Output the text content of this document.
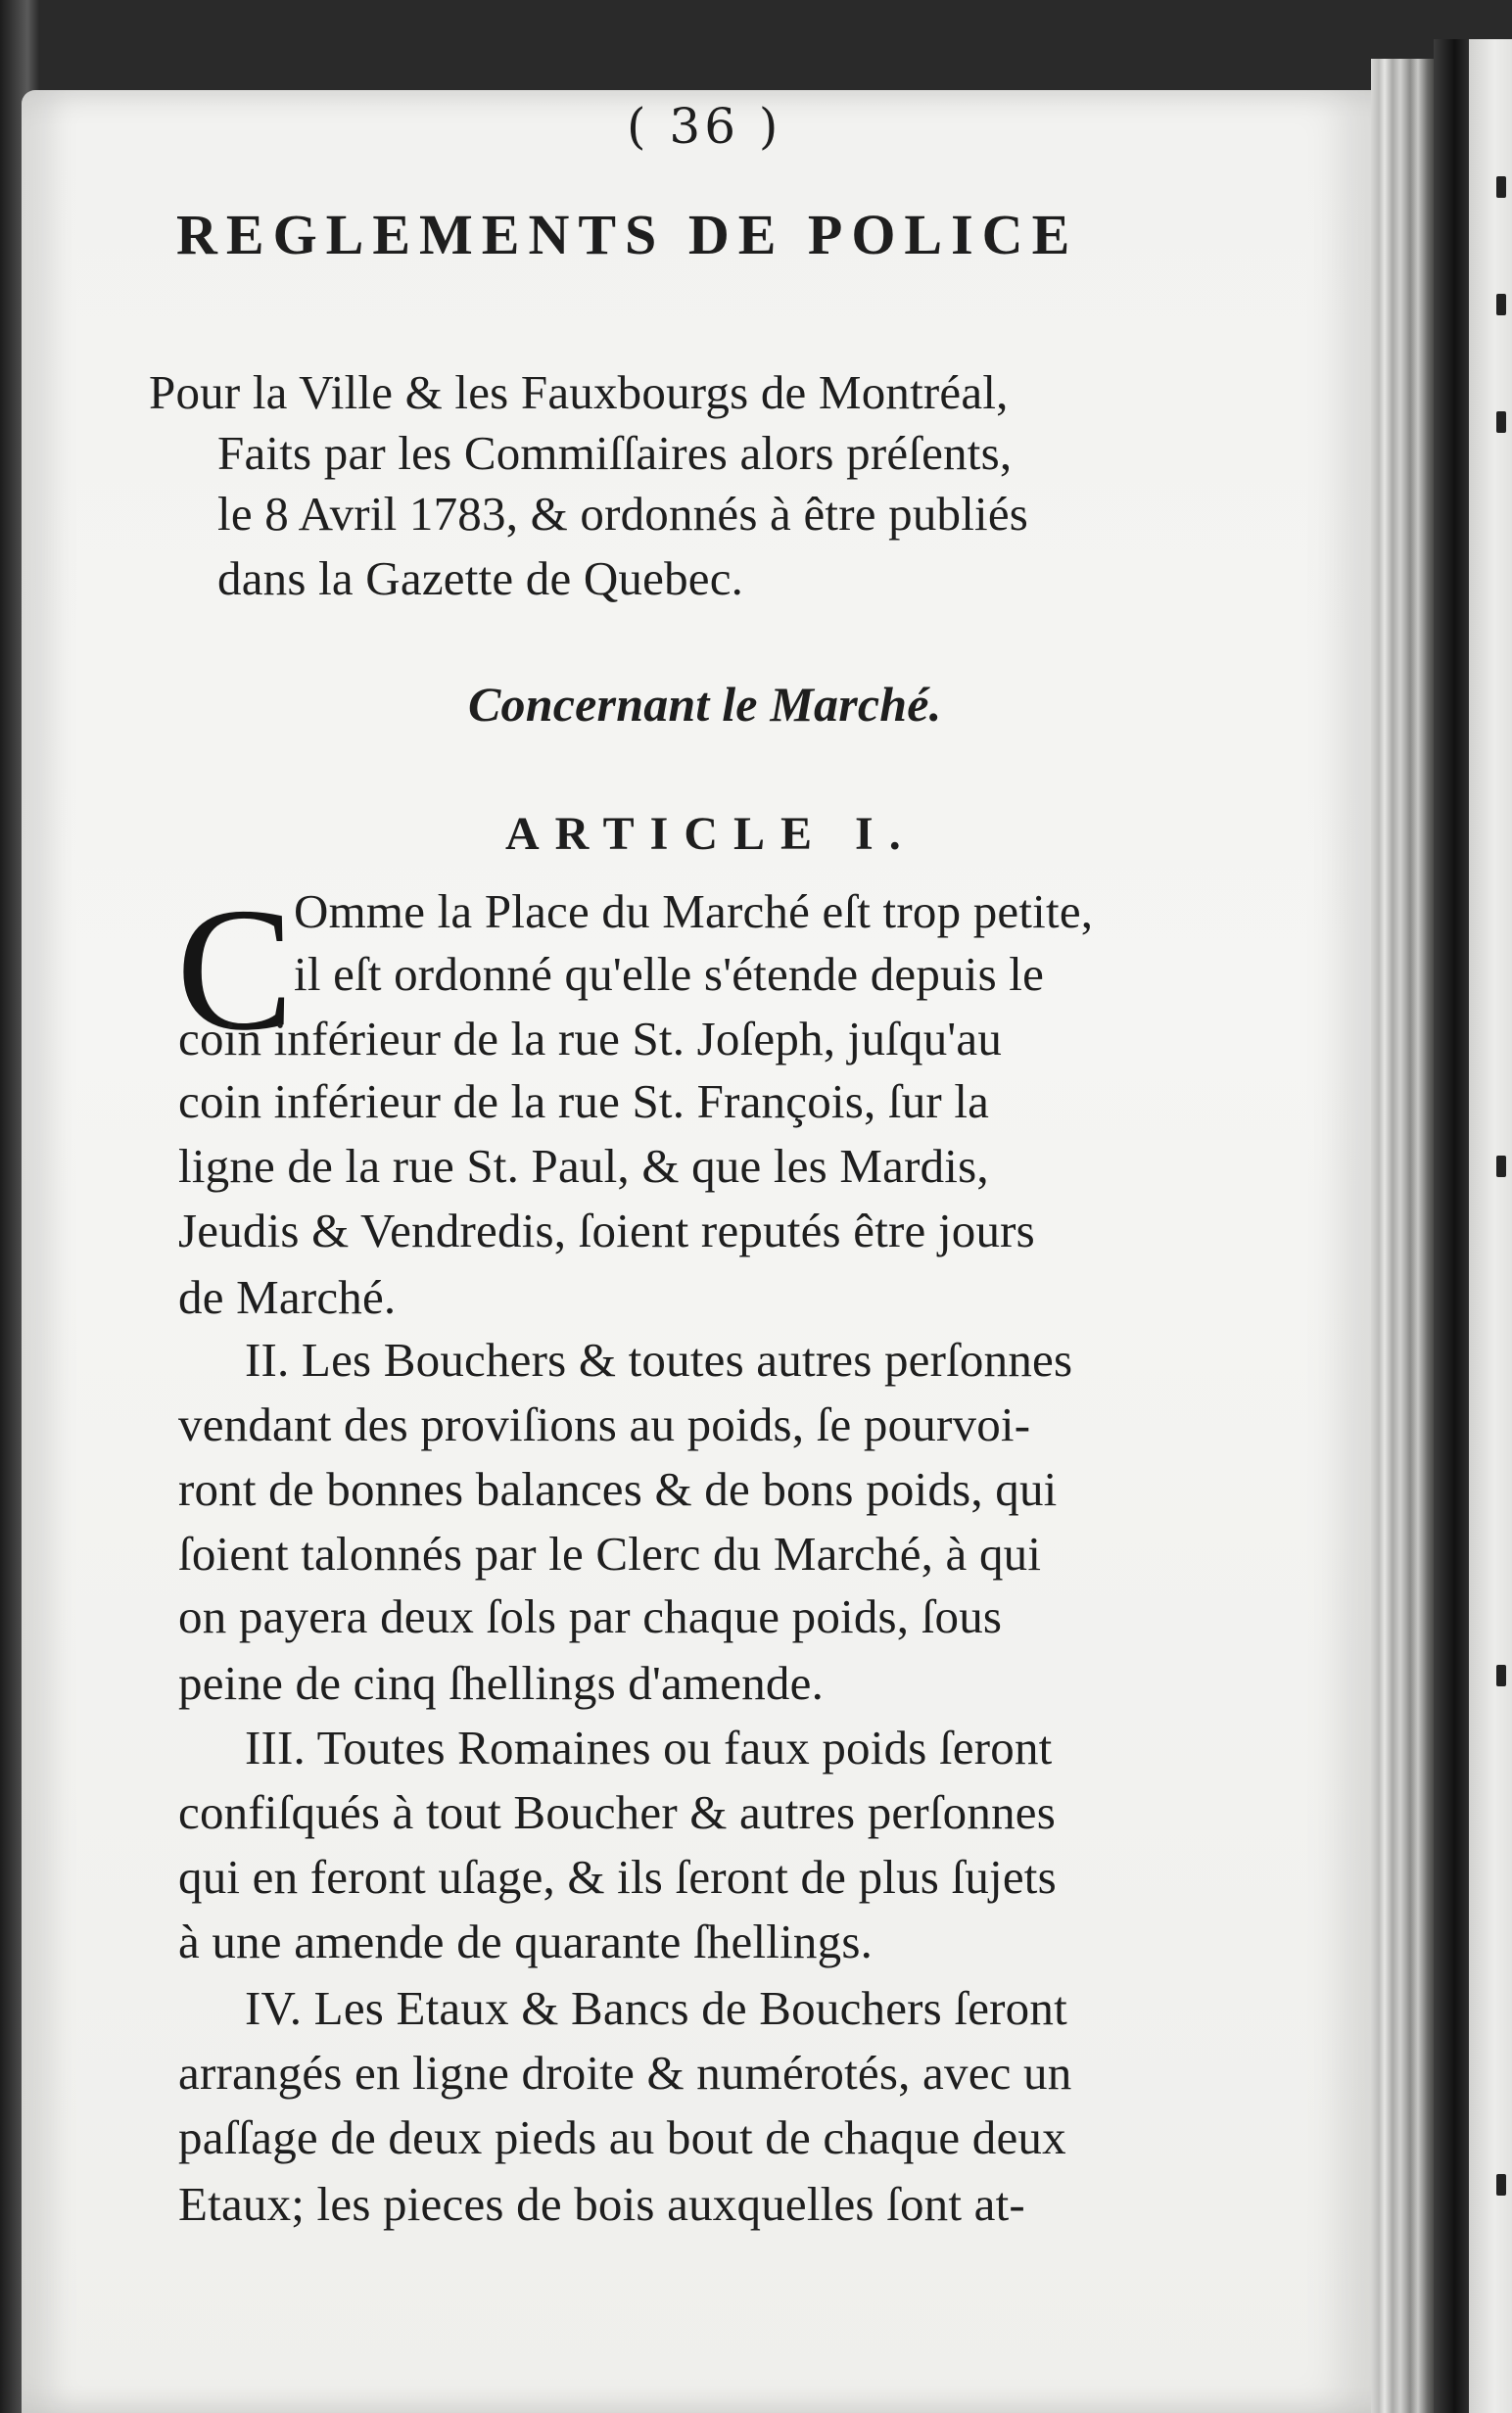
( 36 )

REGLEMENTS DE POLICE

Pour la Ville & les Fauxbourgs de Montréal,

Faits par les Commiſſaires alors préſents,

le 8 Avril 1783, & ordonnés à être publiés

dans la Gazette de Quebec.

Concernant le Marché.
ARTICLE I.
C Omme la Place du Marché eſt trop petite,

il eſt ordonné qu'elle s'étende depuis le

coin inférieur de la rue St. Joſeph, juſqu'au

coin inférieur de la rue St. François, ſur la

ligne de la rue St. Paul, & que les Mardis,

Jeudis & Vendredis, ſoient reputés être jours

de Marché.

II. Les Bouchers & toutes autres perſonnes

vendant des proviſions au poids, ſe pourvoi-

ront de bonnes balances & de bons poids, qui

ſoient talonnés par le Clerc du Marché, à qui

on payera deux ſols par chaque poids, ſous

peine de cinq ſhellings d'amende.

III. Toutes Romaines ou faux poids ſeront

confiſqués à tout Boucher & autres perſonnes

qui en feront uſage, & ils ſeront de plus ſujets

à une amende de quarante ſhellings.

IV. Les Etaux & Bancs de Bouchers ſeront

arrangés en ligne droite & numérotés, avec un

paſſage de deux pieds au bout de chaque deux

Etaux; les pieces de bois auxquelles ſont at-
